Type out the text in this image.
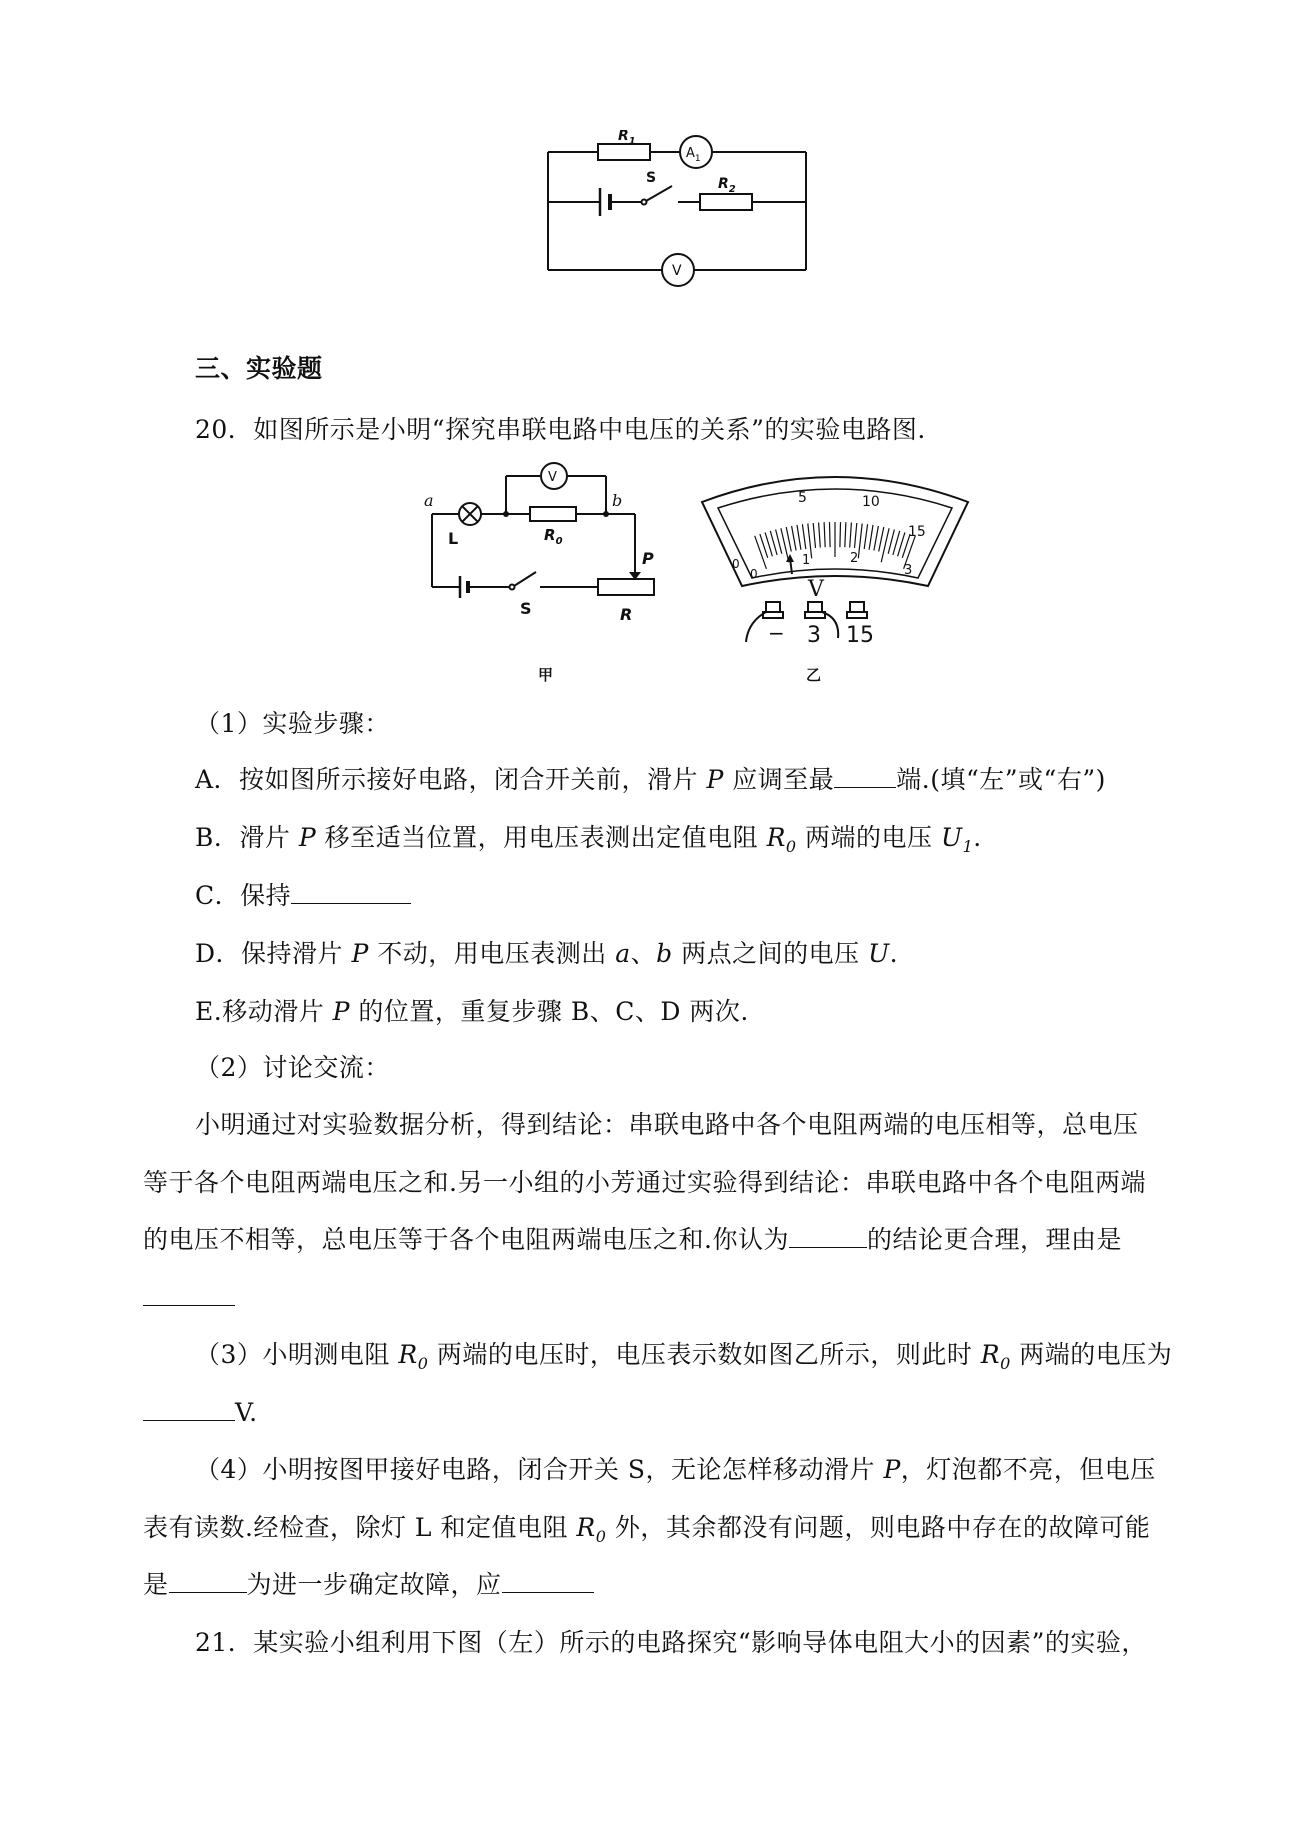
$R_1$
$A_1$
S	$R_2$
V
三、实验题
20．如图所示是小明“探究串联电路中电压的关系”的实验电路图.
a	b
L	$R_0$
P
S	R
V
甲
0
5	10
15
0
1	2
3
V
− 3 15
乙
（1）实验步骤：
A．按如图所示接好电路，闭合开关前，滑片 P 应调至最 端.(填“左”或“右”)
B．滑片 P 移至适当位置，用电压表测出定值电阻 $R_0$ 两端的电压 $U_1$.
C．保持
D．保持滑片 P 不动，用电压表测出 a、b 两点之间的电压 U.
E.移动滑片 P 的位置，重复步骤 B、C、D 两次.
（2）讨论交流：
小明通过对实验数据分析，得到结论：串联电路中各个电阻两端的电压相等，总电压
等于各个电阻两端电压之和.另一小组的小芳通过实验得到结论：串联电路中各个电阻两端
的电压不相等，总电压等于各个电阻两端电压之和.你认为	的结论更合理，理由是
（3）小明测电阻 $R_0$ 两端的电压时，电压表示数如图乙所示，则此时 $R_0$ 两端的电压为
V.
（4）小明按图甲接好电路，闭合开关 S，无论怎样移动滑片 P，灯泡都不亮，但电压
表有读数.经检查，除灯 L 和定值电阻 $R_0$ 外，其余都没有问题，则电路中存在的故障可能
是	为进一步确定故障，应
21．某实验小组利用下图（左）所示的电路探究“影响导体电阻大小的因素”的实验，
